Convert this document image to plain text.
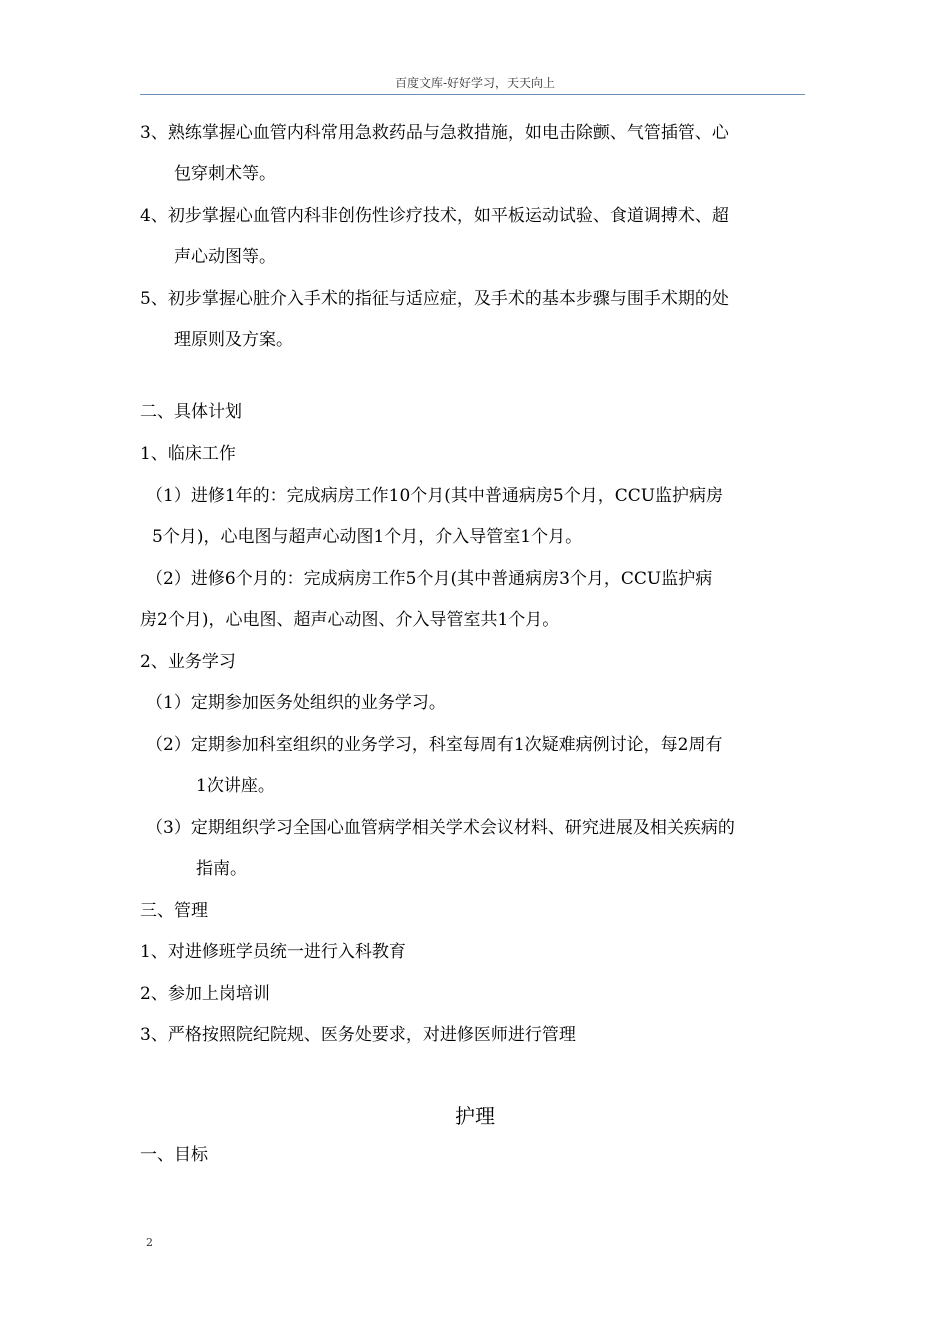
百度文库-好好学习，天天向上
3、熟练掌握心血管内科常用急救药品与急救措施，如电击除颤、气管插管、心
包穿刺术等。
4、初步掌握心血管内科非创伤性诊疗技术，如平板运动试验、食道调搏术、超
声心动图等。
5、初步掌握心脏介入手术的指征与适应症，及手术的基本步骤与围手术期的处
理原则及方案。
二、具体计划
1、临床工作
（1）进修1年的：完成病房工作10个月(其中普通病房5个月，CCU监护病房
5个月)，心电图与超声心动图1个月，介入导管室1个月。
（2）进修6个月的：完成病房工作5个月(其中普通病房3个月，CCU监护病
房2个月)，心电图、超声心动图、介入导管室共1个月。
2、业务学习
（1）定期参加医务处组织的业务学习。
（2）定期参加科室组织的业务学习，科室每周有1次疑难病例讨论，每2周有
1次讲座。
（3）定期组织学习全国心血管病学相关学术会议材料、研究进展及相关疾病的
指南。
三、管理
1、对进修班学员统一进行入科教育
2、参加上岗培训
3、严格按照院纪院规、医务处要求，对进修医师进行管理
护理
一、目标
2
